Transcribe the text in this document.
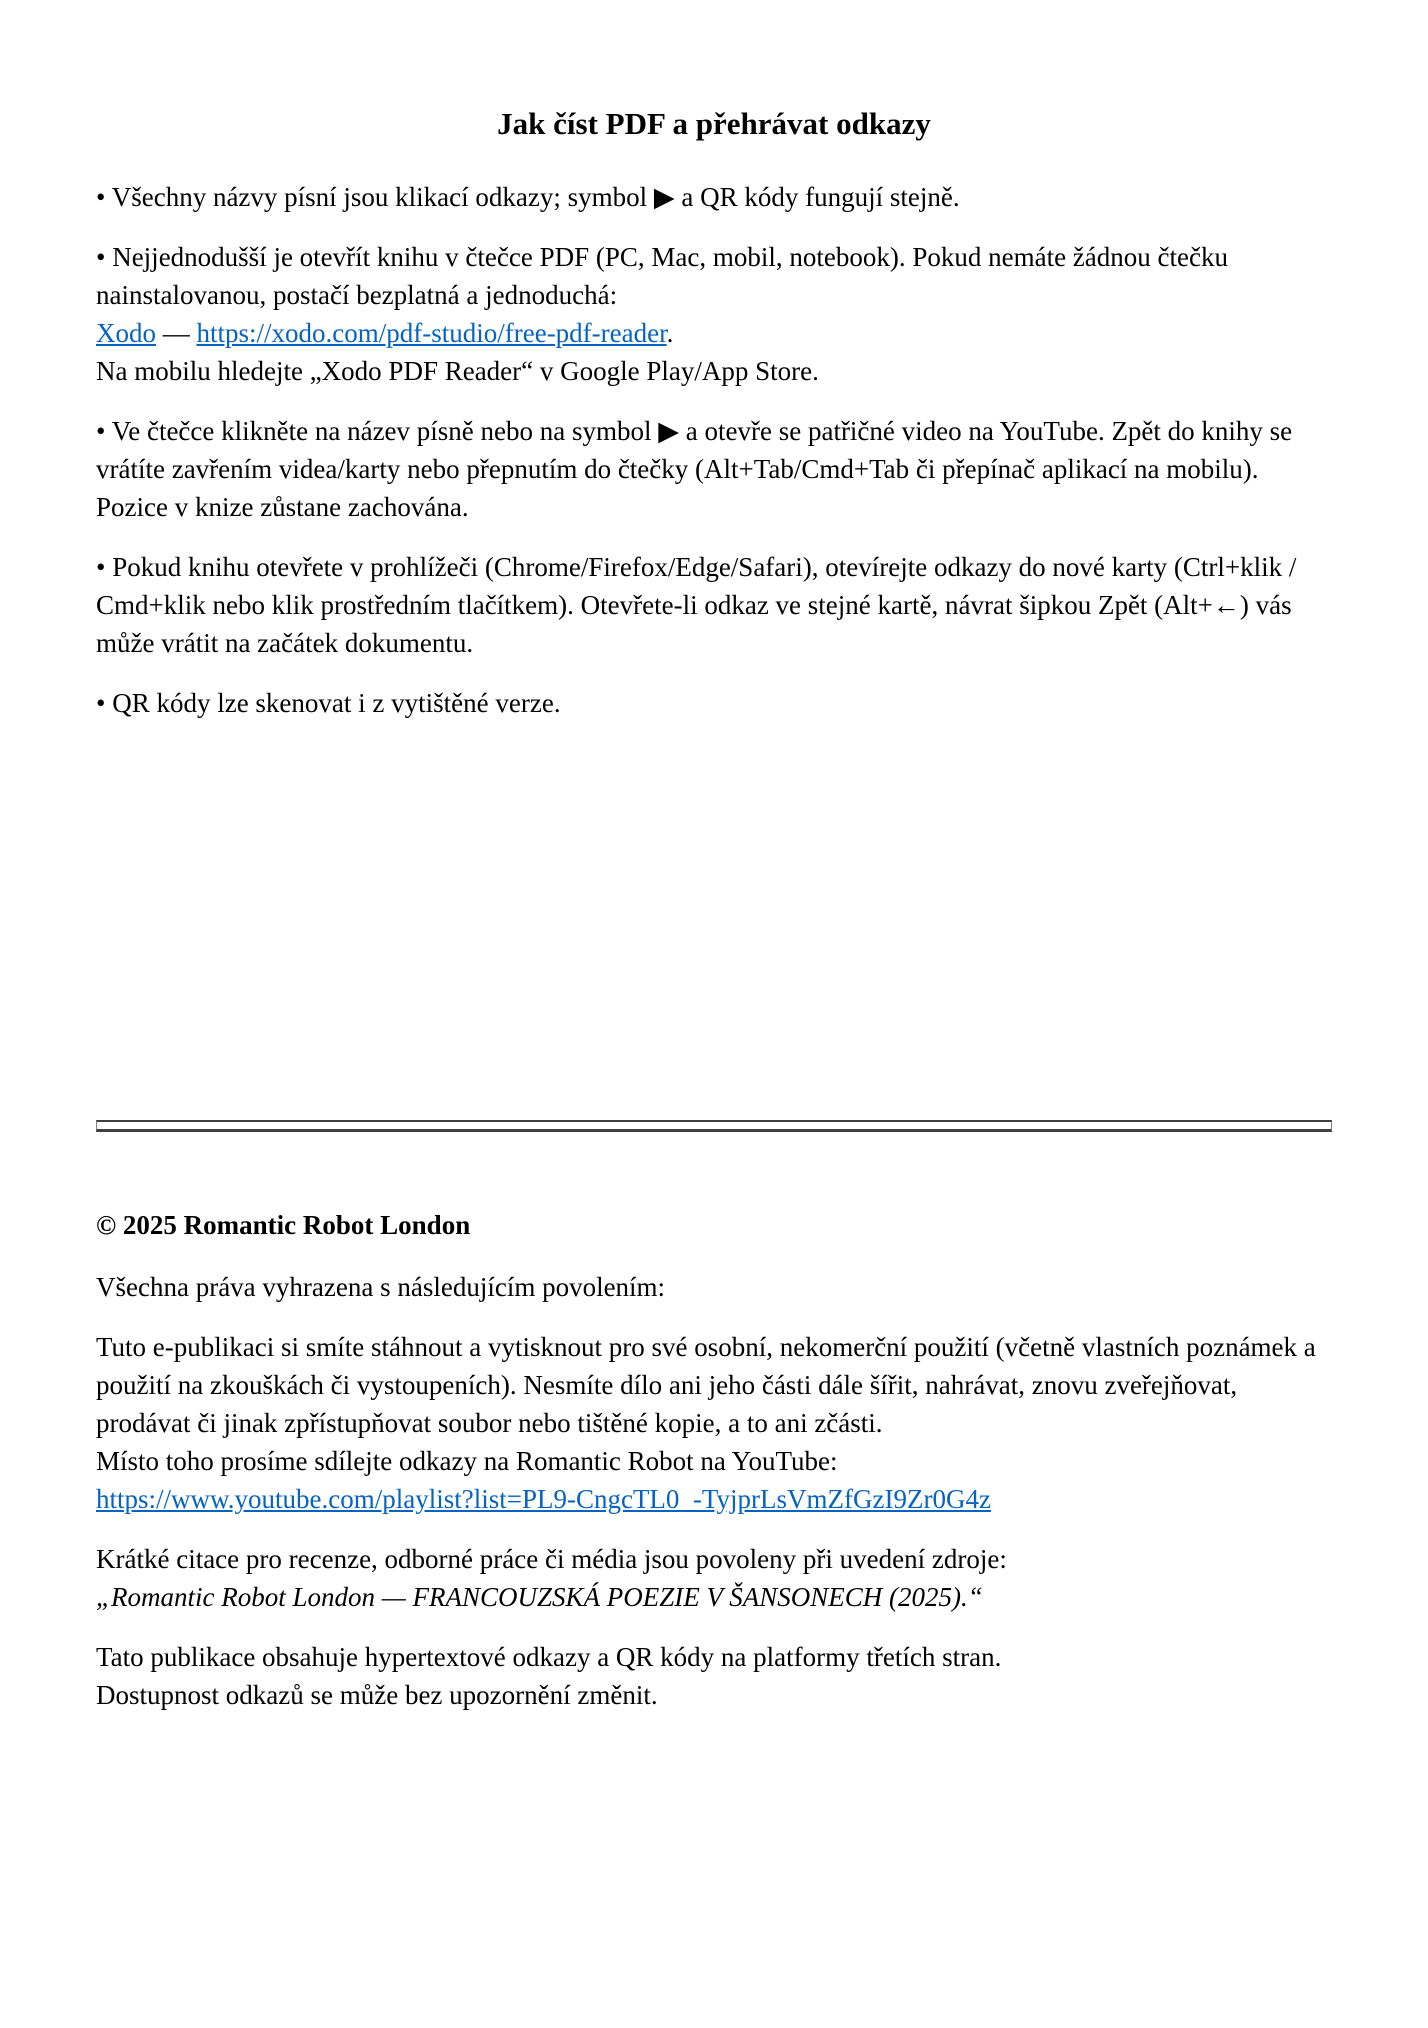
Jak číst PDF a přehrávat odkazy

• Všechny názvy písní jsou klikací odkazy; symbol ▶ a QR kódy fungují stejně.

• Nejjednodušší je otevřít knihu v čtečce PDF (PC, Mac, mobil, notebook). Pokud nemáte žádnou čtečku nainstalovanou, postačí bezplatná a jednoduchá:
Xodo — https://xodo.com/pdf-studio/free-pdf-reader.
Na mobilu hledejte „Xodo PDF Reader“ v Google Play/App Store.

• Ve čtečce klikněte na název písně nebo na symbol ▶ a otevře se patřičné video na YouTube. Zpět do knihy se vrátíte zavřením videa/karty nebo přepnutím do čtečky (Alt+Tab/Cmd+Tab či přepínač aplikací na mobilu). Pozice v knize zůstane zachována.

• Pokud knihu otevřete v prohlížeči (Chrome/Firefox/Edge/Safari), otevírejte odkazy do nové karty (Ctrl+klik / Cmd+klik nebo klik prostředním tlačítkem). Otevřete-li odkaz ve stejné kartě, návrat šipkou Zpět (Alt+←) vás může vrátit na začátek dokumentu.

• QR kódy lze skenovat i z vytištěné verze.

© 2025 Romantic Robot London

Všechna práva vyhrazena s následujícím povolením:

Tuto e-publikaci si smíte stáhnout a vytisknout pro své osobní, nekomerční použití (včetně vlastních poznámek a použití na zkouškách či vystoupeních). Nesmíte dílo ani jeho části dále šířit, nahrávat, znovu zveřejňovat, prodávat či jinak zpřístupňovat soubor nebo tištěné kopie, a to ani zčásti.
Místo toho prosíme sdílejte odkazy na Romantic Robot na YouTube:
https://www.youtube.com/playlist?list=PL9-CngcTL0_-TyjprLsVmZfGzI9Zr0G4z

Krátké citace pro recenze, odborné práce či média jsou povoleny při uvedení zdroje:
„Romantic Robot London — FRANCOUZSKÁ POEZIE V ŠANSONECH (2025).“

Tato publikace obsahuje hypertextové odkazy a QR kódy na platformy třetích stran.
Dostupnost odkazů se může bez upozornění změnit.
